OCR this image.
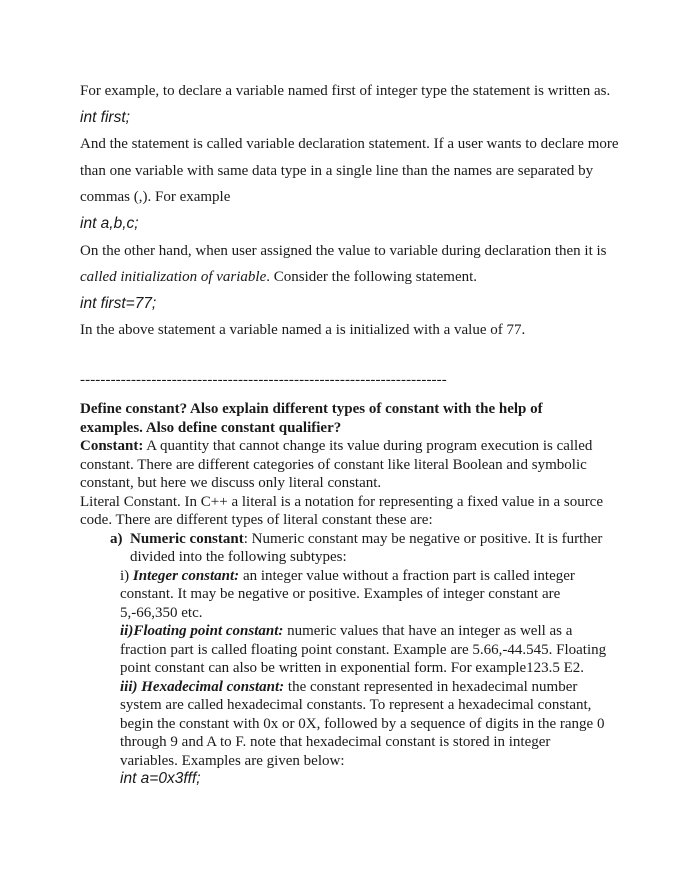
For example, to declare a variable named first of integer type the statement is written as.

int first;

And the statement is called variable declaration statement. If a user wants to declare more than one variable with same data type in a single line than the names are separated by commas (,). For example

int a,b,c;

On the other hand, when user assigned the value to variable during declaration then it is called initialization of variable. Consider the following statement.

int first=77;

In the above statement a variable named a is initialized with a value of 77.

------------------------------------------------------------------------

Define constant? Also explain different types of constant with the help of examples. Also define constant qualifier?

Constant: A quantity that cannot change its value during program execution is called constant. There are different categories of constant like literal Boolean and symbolic constant, but here we discuss only literal constant.

Literal Constant. In C++ a literal is a notation for representing a fixed value in a source code. There are different types of literal constant these are:

a) Numeric constant: Numeric constant may be negative or positive. It is further divided into the following subtypes:

i) Integer constant: an integer value without a fraction part is called integer constant. It may be negative or positive. Examples of integer constant are 5,-66,350 etc.

ii)Floating point constant: numeric values that have an integer as well as a fraction part is called floating point constant. Example are 5.66,-44.545. Floating point constant can also be written in exponential form. For example123.5 E2.

iii) Hexadecimal constant: the constant represented in hexadecimal number system are called hexadecimal constants. To represent a hexadecimal constant, begin the constant with 0x or 0X, followed by a sequence of digits in the range 0 through 9 and A to F. note that hexadecimal constant is stored in integer variables. Examples are given below:

int a=0x3fff;
